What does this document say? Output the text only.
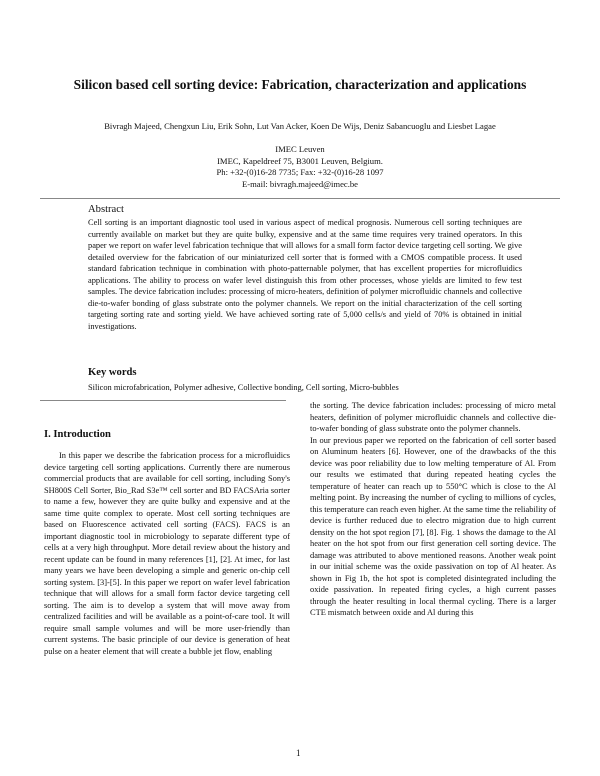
Silicon based cell sorting device: Fabrication, characterization and applications
Bivragh Majeed, Chengxun Liu, Erik Sohn, Lut Van Acker, Koen De Wijs, Deniz Sabancuoglu and Liesbet Lagae
IMEC Leuven
IMEC, Kapeldreef 75, B3001 Leuven, Belgium.
Ph: +32-(0)16-28 7735; Fax: +32-(0)16-28 1097
E-mail: bivragh.majeed@imec.be
Abstract

Cell sorting is an important diagnostic tool used in various aspect of medical prognosis. Numerous cell sorting techniques are currently available on market but they are quite bulky, expensive and at the same time requires very trained operators. In this paper we report on wafer level fabrication technique that will allows for a small form factor device targeting cell sorting. We give detailed overview for the fabrication of our miniaturized cell sorter that is formed with a CMOS compatible process. It used standard fabrication technique in combination with photo-patternable polymer, that has excellent properties for microfluidics applications. The ability to process on wafer level distinguish this from other processes, whose yields are limited to few test samples. The device fabrication includes: processing of micro-heaters, definition of polymer microfluidic channels and collective die-to-wafer bonding of glass substrate onto the polymer channels. We report on the initial characterization of the cell sorting targeting sorting rate and sorting yield. We have achieved sorting rate of 5,000 cells/s and yield of 70% is obtained in initial investigations.

Key words
Silicon microfabrication, Polymer adhesive, Collective bonding, Cell sorting, Micro-bubbles
I. Introduction

In this paper we describe the fabrication process for a microfluidics device targeting cell sorting applications. Currently there are numerous commercial products that are available for cell sorting, including Sony's SH800S Cell Sorter, Bio_Rad S3e™ cell sorter and BD FACSAria sorter to name a few, however they are quite bulky and expensive and at the same time quite complex to operate. Most cell sorting techniques are based on Fluorescence activated cell sorting (FACS). FACS is an important diagnostic tool in microbiology to separate different type of cells at a very high throughput. More detail review about the history and recent update can be found in many references [1], [2]. At imec, for last many years we have been developing a simple and generic on-chip cell sorting system. [3]-[5]. In this paper we report on wafer level fabrication technique that will allows for a small form factor device targeting cell sorting. The aim is to develop a system that will move away from centralized facilities and will be available as a point-of-care tool. It will require small sample volumes and will be more user-friendly than current systems. The basic principle of our device is generation of heat pulse on a heater element that will create a bubble jet flow, enabling

the sorting. The device fabrication includes: processing of micro metal heaters, definition of polymer microfluidic channels and collective die-to-wafer bonding of glass substrate onto the polymer channels.

In our previous paper we reported on the fabrication of cell sorter based on Aluminum heaters [6]. However, one of the drawbacks of the this device was poor reliability due to low melting temperature of Al. From our results we estimated that during repeated heating cycles the temperature of heater can reach up to 550°C which is close to the Al melting point. By increasing the number of cycling to millions of cycles, this temperature can reach even higher. At the same time the reliability of device is further reduced due to electro migration due to high current density on the hot spot region [7], [8]. Fig. 1 shows the damage to the Al heater on the hot spot from our first generation cell sorting device. The damage was attributed to above mentioned reasons. Another weak point in our initial scheme was the oxide passivation on top of Al heater. As shown in Fig 1b, the hot spot is completed disintegrated including the oxide passivation. In repeated firing cycles, a high current passes through the heater resulting in local thermal cycling. There is a larger CTE mismatch between oxide and Al during this

1
